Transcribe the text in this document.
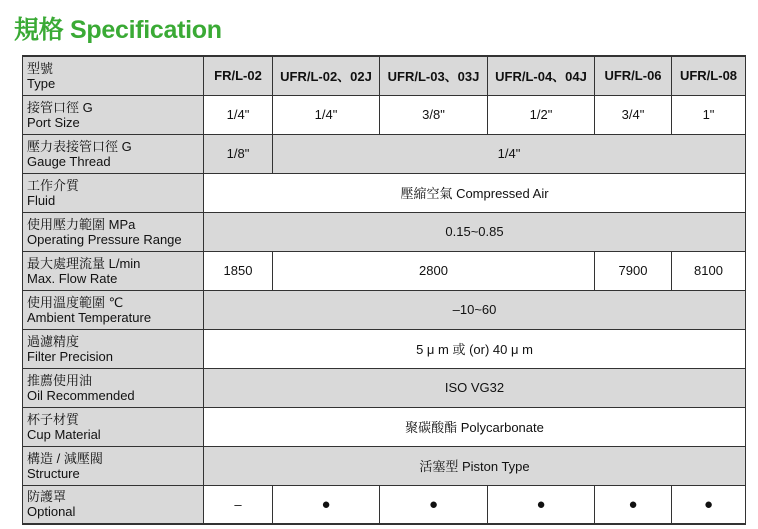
規格 Specification
型號
Type	FR/L-02	UFR/L-02、02J	UFR/L-03、03J	UFR/L-04、04J	UFR/L-06	UFR/L-08

接管口徑 G
Port Size	1/4"	1/4"	3/8"	1/2"	3/4"	1"

壓力表接管口徑 G
Gauge Thread	1/8"	1/4"				

工作介質
Fluid	壓縮空氣 Compressed Air					

使用壓力範圍 MPa
Operating Pressure Range	0.15~0.85					

最大處理流量 L/min
Max. Flow Rate	1850	2800			7900	8100

使用溫度範圍 ℃
Ambient Temperature	–10~60					

過濾精度
Filter Precision	5 μ m 或 (or) 40 μ m					

推薦使用油
Oil Recommended	ISO VG32					

杯子材質
Cup Material	聚碳酸酯 Polycarbonate					

構造 / 減壓閥
Structure	活塞型 Piston Type					

防護罩
Optional	–	●	●	●	●	●
